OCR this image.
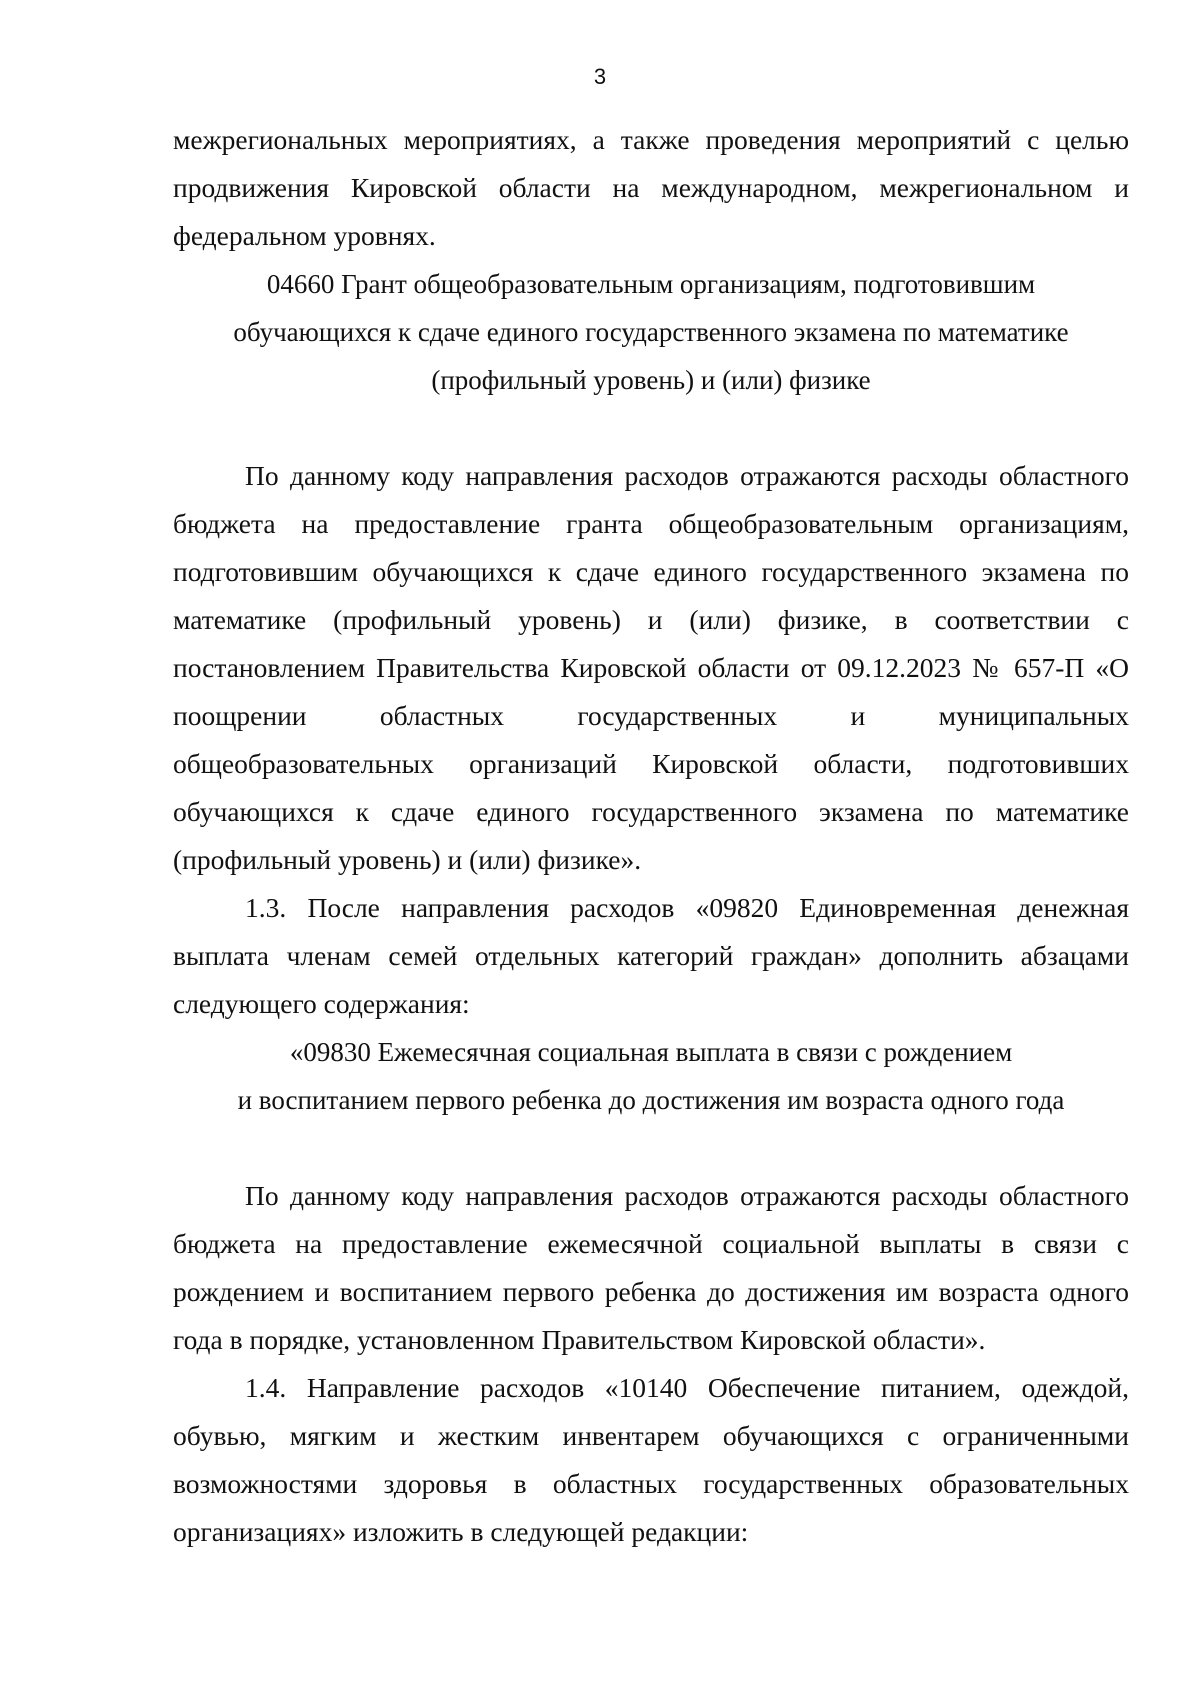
3

межрегиональных мероприятиях, а также проведения мероприятий с целью продвижения Кировской области на международном, межрегиональном и федеральном уровнях.

04660 Грант общеобразовательным организациям, подготовившим

обучающихся к сдаче единого государственного экзамена по математике

(профильный уровень) и (или) физике

По данному коду направления расходов отражаются расходы областного бюджета на предоставление гранта общеобразовательным организациям, подготовившим обучающихся к сдаче единого государственного экзамена по математике (профильный уровень) и (или) физике, в соответствии с постановлением Правительства Кировской области от 09.12.2023 № 657-П «О поощрении областных государственных и муниципальных общеобразовательных организаций Кировской области, подготовивших обучающихся к сдаче единого государственного экзамена по математике (профильный уровень) и (или) физике».

1.3. После направления расходов «09820 Единовременная денежная выплата членам семей отдельных категорий граждан» дополнить абзацами следующего содержания:

«09830 Ежемесячная социальная выплата в связи с рождением

и воспитанием первого ребенка до достижения им возраста одного года

По данному коду направления расходов отражаются расходы областного бюджета на предоставление ежемесячной социальной выплаты в связи с рождением и воспитанием первого ребенка до достижения им возраста одного года в порядке, установленном Правительством Кировской области».

1.4. Направление расходов «10140 Обеспечение питанием, одеждой, обувью, мягким и жестким инвентарем обучающихся с ограниченными возможностями здоровья в областных государственных образовательных организациях» изложить в следующей редакции:
